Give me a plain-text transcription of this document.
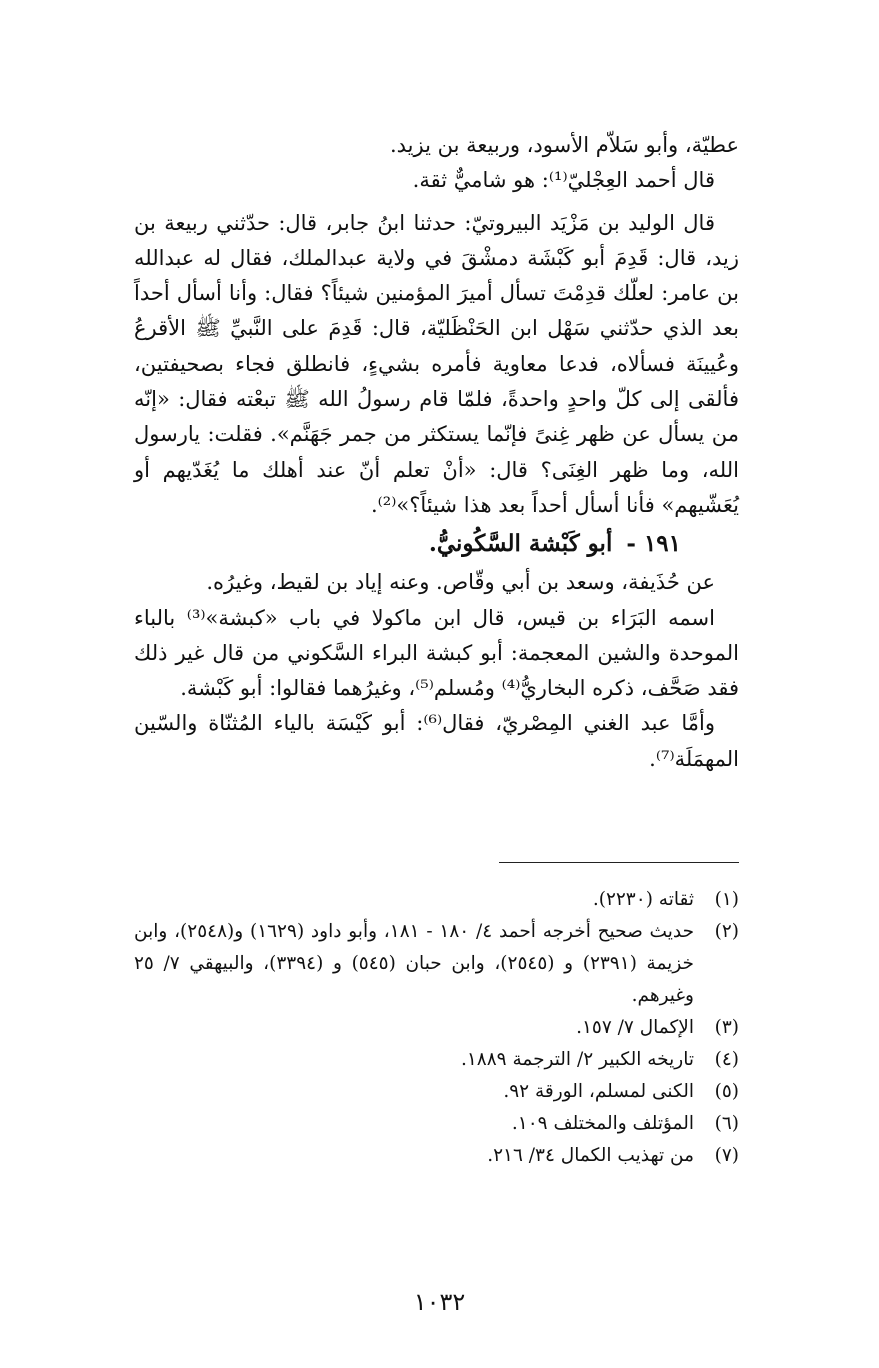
عطيّة، وأبو سَلاّم الأسود، وربيعة بن يزيد.

قال أحمد العِجْليّ⁽¹⁾: هو شاميٌّ ثقة.

قال الوليد بن مَزْيَد البيروتيّ: حدثنا ابنُ جابر، قال: حدّثني ربيعة بن زيد، قال: قَدِمَ أبو كَبْشَة دمشْقَ في ولاية عبدالملك، فقال له عبدالله بن عامر: لعلّك قدِمْتَ تسأل أميرَ المؤمنين شيئاً؟ فقال: وأنا أسأل أحداً بعد الذي حدّثني سَهْل ابن الحَنْظَليّة، قال: قَدِمَ على النَّبيِّ ﷺ الأقرعُ وعُيينَة فسألاه، فدعا معاوية فأمره بشيءٍ، فانطلق فجاء بصحيفتين، فألقى إلى كلّ واحدٍ واحدةً، فلمّا قام رسولُ الله ﷺ تبعْته فقال: «إنّه من يسأل عن ظهر غِنىً فإنّما يستكثر من جمر جَهَنَّم». فقلت: يارسول الله، وما ظهر الغِنَى؟ قال: «أنْ تعلم أنّ عند أهلك ما يُغَدّيهم أو يُعَشّيهم» فأنا أسأل أحداً بعد هذا شيئاً؟»⁽²⁾.

١٩١ - أبو كَبْشة السَّكُونيُّ.

عن حُذَيفة، وسعد بن أبي وقّاص. وعنه إياد بن لقيط، وغيرُه.

اسمه البَرَاء بن قيس، قال ابن ماكولا في باب «كبشة»⁽³⁾ بالباء الموحدة والشين المعجمة: أبو كبشة البراء السَّكوني من قال غير ذلك فقد صَحَّف، ذكره البخاريُّ⁽⁴⁾ ومُسلم⁽⁵⁾، وغيرُهما فقالوا: أبو كَبْشة.

وأمَّا عبد الغني المِصْريّ، فقال⁽⁶⁾: أبو كَيْسَة بالياء المُثنّاة والسّين المهمَلَة⁽⁷⁾.

(١)
ثقاته (٢٢٣٠).
(٢)
حديث صحيح أخرجه أحمد ٤/ ١٨٠ - ١٨١، وأبو داود (١٦٢٩) و(٢٥٤٨)، وابن خزيمة (٢٣٩١) و (٢٥٤٥)، وابن حبان (٥٤٥) و (٣٣٩٤)، والبيهقي ٧/ ٢٥ وغيرهم.
(٣)
الإكمال ٧/ ١٥٧.
(٤)
تاريخه الكبير ٢/ الترجمة ١٨٨٩.
(٥)
الكنى لمسلم، الورقة ٩٢.
(٦)
المؤتلف والمختلف ١٠٩.
(٧)
من تهذيب الكمال ٣٤/ ٢١٦.
١٠٣٢
